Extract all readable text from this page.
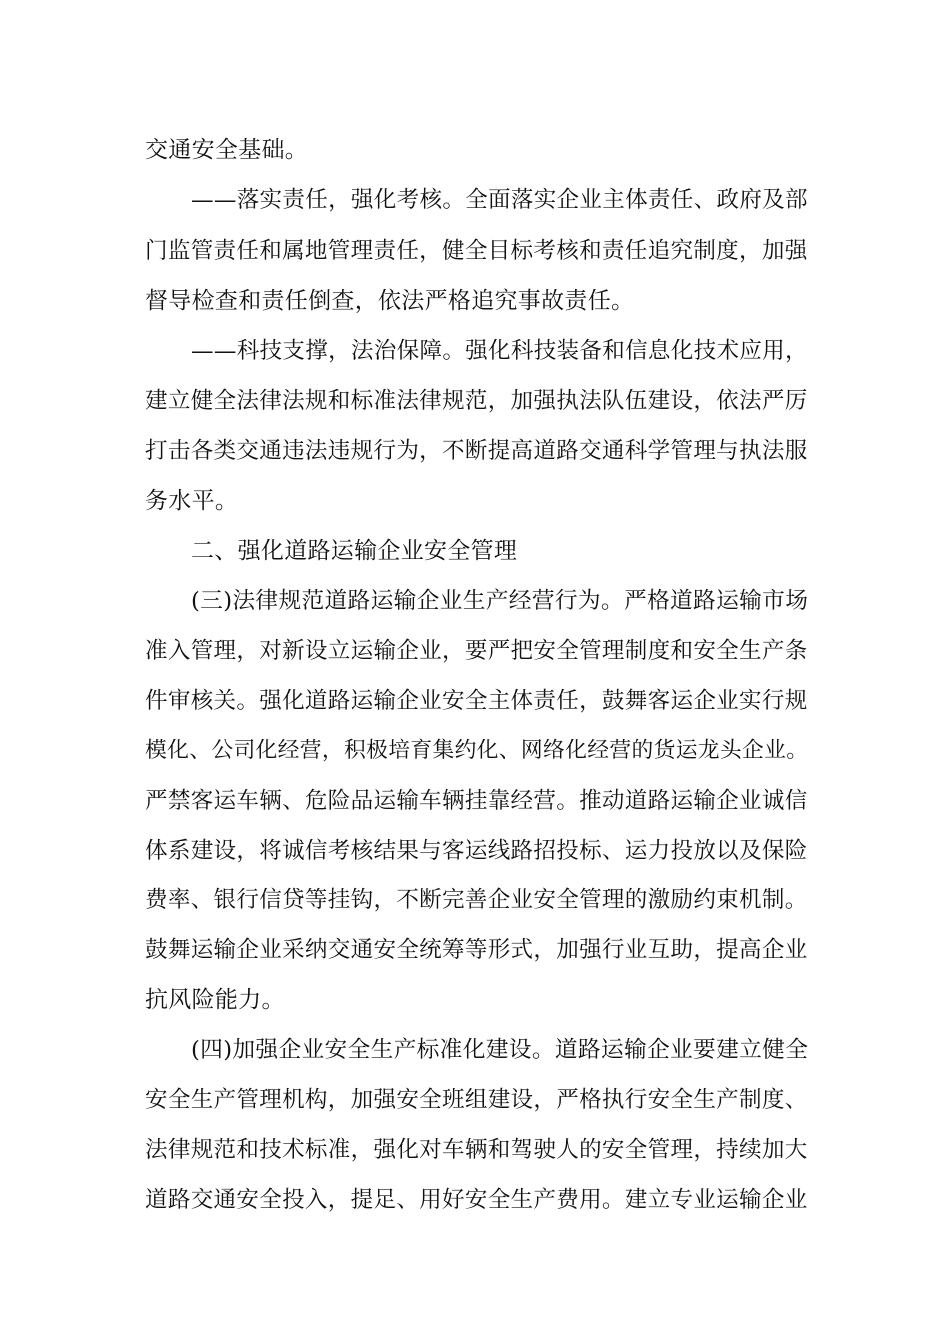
交通安全基础。
——落实责任，强化考核。全面落实企业主体责任、政府及部
门监管责任和属地管理责任，健全目标考核和责任追究制度，加强
督导检查和责任倒查，依法严格追究事故责任。
——科技支撑，法治保障。强化科技装备和信息化技术应用，
建立健全法律法规和标准法律规范，加强执法队伍建设，依法严厉
打击各类交通违法违规行为，不断提高道路交通科学管理与执法服
务水平。
二、强化道路运输企业安全管理
(三)法律规范道路运输企业生产经营行为。严格道路运输市场
准入管理，对新设立运输企业，要严把安全管理制度和安全生产条
件审核关。强化道路运输企业安全主体责任，鼓舞客运企业实行规
模化、公司化经营，积极培育集约化、网络化经营的货运龙头企业。
严禁客运车辆、危险品运输车辆挂靠经营。推动道路运输企业诚信
体系建设，将诚信考核结果与客运线路招投标、运力投放以及保险
费率、银行信贷等挂钩，不断完善企业安全管理的激励约束机制。
鼓舞运输企业采纳交通安全统筹等形式，加强行业互助，提高企业
抗风险能力。
(四)加强企业安全生产标准化建设。道路运输企业要建立健全
安全生产管理机构，加强安全班组建设，严格执行安全生产制度、
法律规范和技术标准，强化对车辆和驾驶人的安全管理，持续加大
道路交通安全投入，提足、用好安全生产费用。建立专业运输企业
